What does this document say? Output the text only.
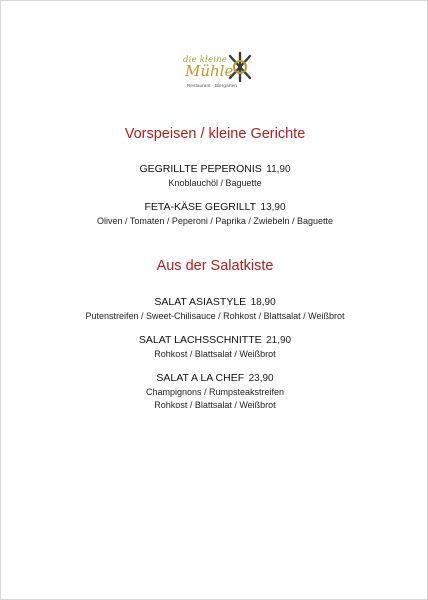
die kleine
Mühle
Restaurant · Biergarten
Vorspeisen / kleine Gerichte
GEGRILLTE PEPERONIS 11,90
Knoblauchöl / Baguette
FETA-KÄSE GEGRILLT 13,90
Oliven / Tomaten / Peperoni / Paprika / Zwiebeln / Baguette
Aus der Salatkiste
SALAT ASIASTYLE 18,90
Putenstreifen / Sweet-Chilisauce / Rohkost / Blattsalat / Weißbrot
SALAT LACHSSCHNITTE 21,90
Rohkost / Blattsalat / Weißbrot
SALAT A LA CHEF 23,90
Champignons / Rumpsteakstreifen
Rohkost / Blattsalat / Weißbrot
